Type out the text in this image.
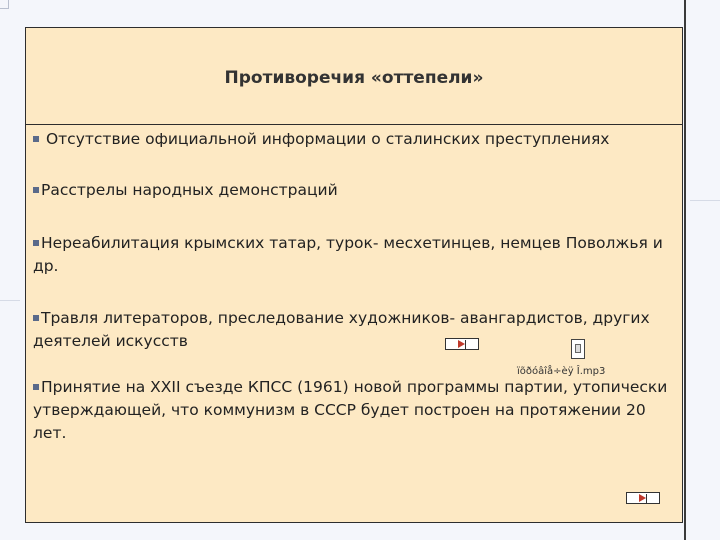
Противоречия «оттепели»
Отсутствие официальной информации о сталинских преступлениях
Расстрелы народных демонстраций
Нереабилитация крымских татар, турок- месхетинцев, немцев Поволжья и др.
Травля литераторов, преследование художников- авангардистов, других деятелей искусств
Принятие на XXII съезде КПСС (1961) новой программы партии, утопически утверждающей, что коммунизм в СССР будет построен на протяжении 20 лет.
ïõðóâîå÷èÿ Î.mp3
